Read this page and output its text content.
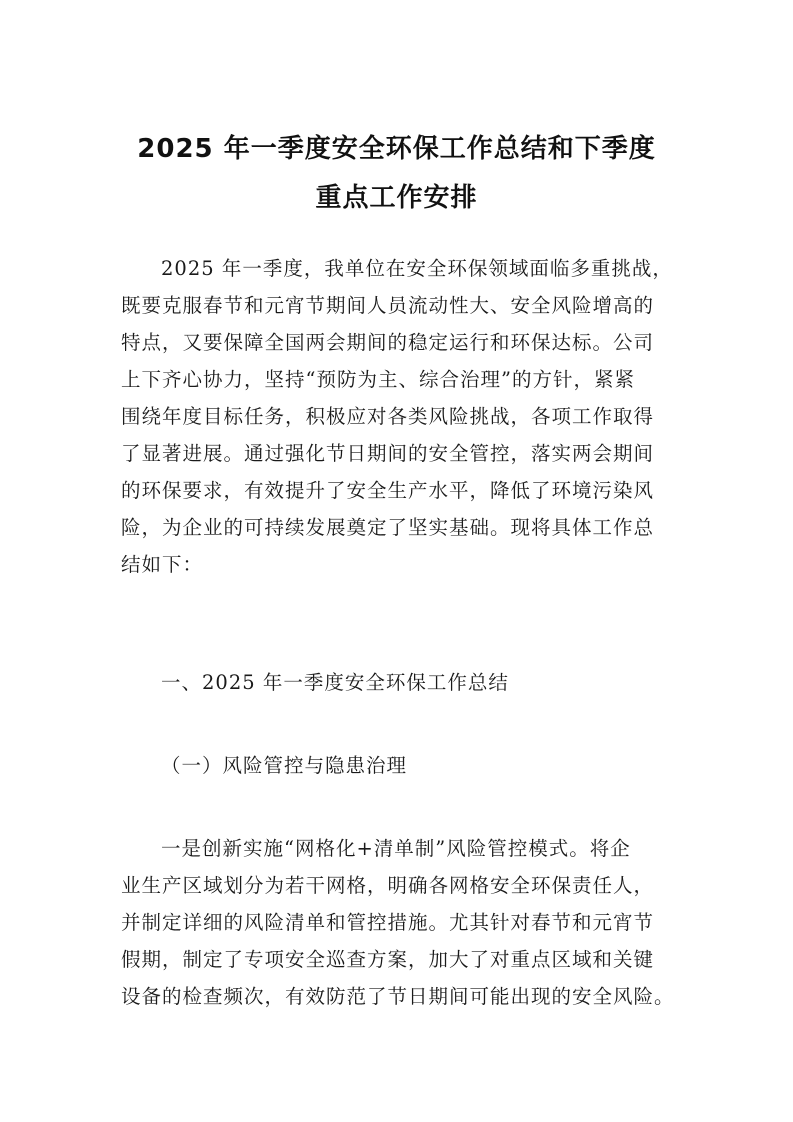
2025 年一季度安全环保工作总结和下季度
重点工作安排
2025 年一季度，我单位在安全环保领域面临多重挑战，
既要克服春节和元宵节期间人员流动性大、安全风险增高的
特点，又要保障全国两会期间的稳定运行和环保达标。公司
上下齐心协力，坚持“预防为主、综合治理”的方针，紧紧
围绕年度目标任务，积极应对各类风险挑战，各项工作取得
了显著进展。通过强化节日期间的安全管控，落实两会期间
的环保要求，有效提升了安全生产水平，降低了环境污染风
险，为企业的可持续发展奠定了坚实基础。现将具体工作总
结如下：
一、2025 年一季度安全环保工作总结
（一）风险管控与隐患治理
一是创新实施“网格化+清单制”风险管控模式。将企
业生产区域划分为若干网格，明确各网格安全环保责任人，
并制定详细的风险清单和管控措施。尤其针对春节和元宵节
假期，制定了专项安全巡查方案，加大了对重点区域和关键
设备的检查频次，有效防范了节日期间可能出现的安全风险。
